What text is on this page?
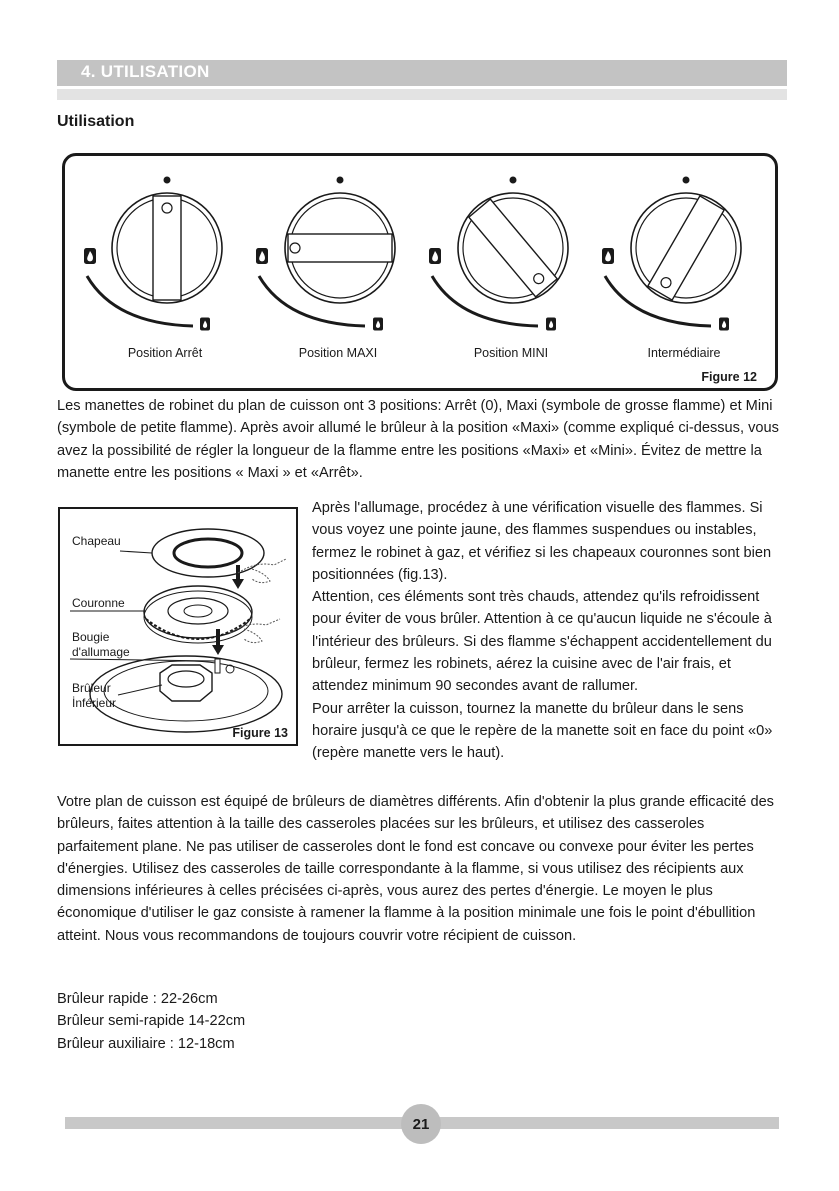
4. UTILISATION
Utilisation
Position Arrêt	Position MAXI	Position MINI	Intermédiaire
Figure 12

Les manettes de robinet du plan de cuisson ont 3 positions: Arrêt (0), Maxi (symbole de grosse flamme) et Mini (symbole de petite flamme). Après avoir allumé le brûleur à la position «Maxi» (comme expliqué ci-dessus, vous avez la possibilité de régler la longueur de la flamme entre les positions «Maxi» et «Mini». Évitez de mettre la manette entre les positions « Maxi » et «Arrêt».

Chapeau
Couronne
Bougie
d'allumage
Brûleur
İnférieur
Figure 13
Après l'allumage, procédez à une vérification visuelle des flammes. Si vous voyez une pointe jaune, des flammes suspendues ou instables, fermez le robinet à gaz, et vérifiez si les chapeaux couronnes sont bien positionnées (fig.13).
Attention, ces éléments sont très chauds, attendez qu'ils refroidissent pour éviter de vous brûler. Attention à ce qu'aucun liquide ne s'écoule à l'intérieur des brûleurs. Si des flamme s'échappent accidentellement du brûleur, fermez les robinets, aérez la cuisine avec de l'air frais, et attendez minimum 90 secondes avant de rallumer.
Pour arrêter la cuisson, tournez la manette du brûleur dans le sens horaire jusqu'à ce que le repère de la manette soit en face du point «0» (repère manette vers le haut).

Votre plan de cuisson est équipé de brûleurs de diamètres différents. Afin d'obtenir la plus grande efficacité des brûleurs, faites attention à la taille des casseroles placées sur les brûleurs, et utilisez des casseroles parfaitement plane. Ne pas utiliser de casseroles dont le fond est concave ou convexe pour éviter les pertes d'énergies. Utilisez des casseroles de taille correspondante à la flamme, si vous utilisez des récipients aux dimensions inférieures à celles précisées ci-après, vous aurez des pertes d'énergie. Le moyen le plus économique d'utiliser le gaz consiste à ramener la flamme à la position minimale une fois le point d'ébullition atteint. Nous vous recommandons de toujours couvrir votre récipient de cuisson.

Brûleur rapide : 22-26cm
Brûleur semi-rapide 14-22cm
Brûleur auxiliaire : 12-18cm
21
